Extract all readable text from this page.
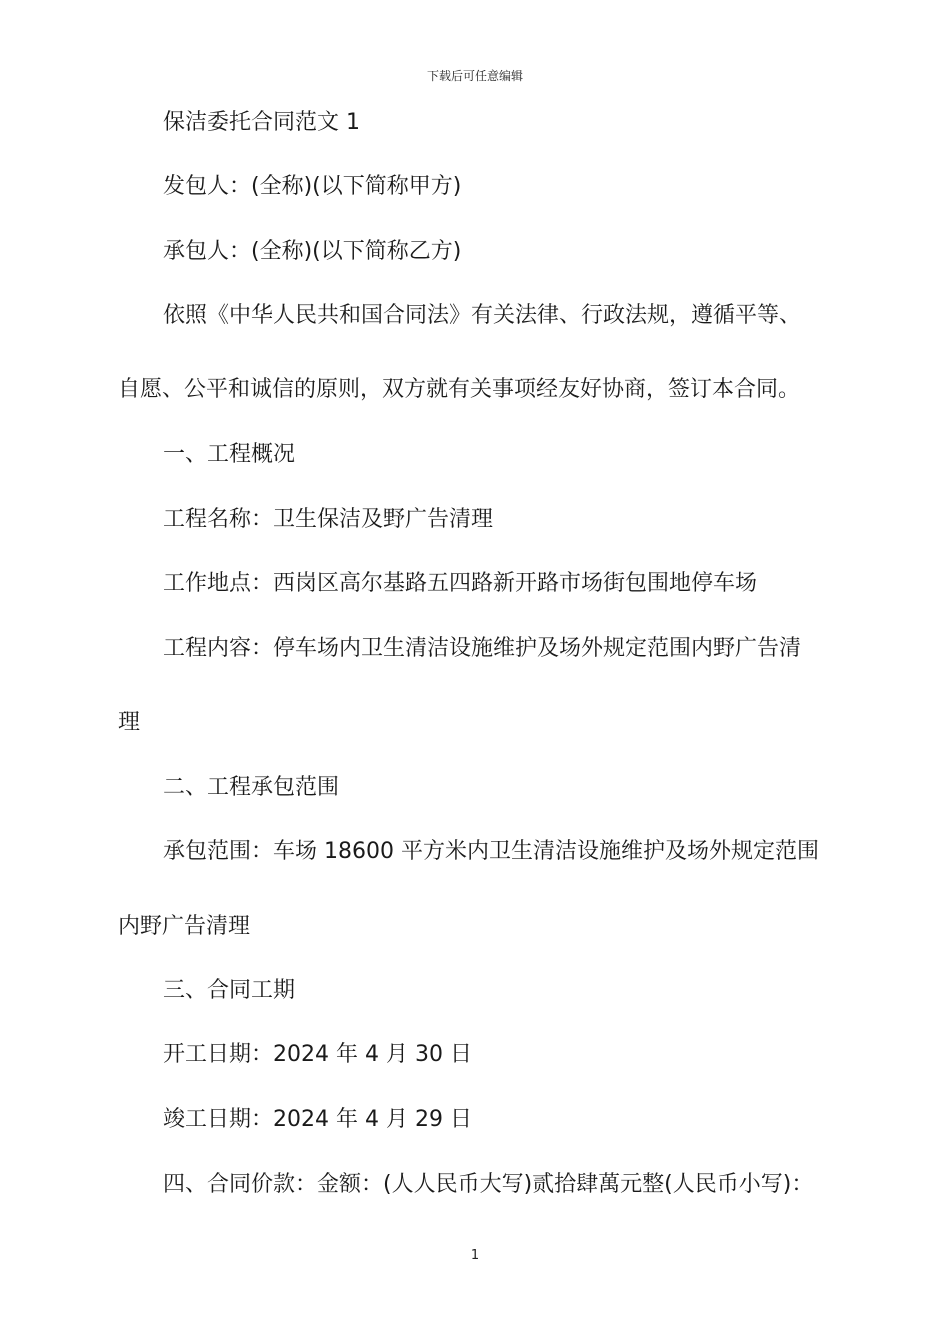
下载后可任意编辑
保洁委托合同范文 1
发包人：(全称)(以下简称甲方)
承包人：(全称)(以下简称乙方)
依照《中华人民共和国合同法》有关法律、行政法规，遵循平等、
自愿、公平和诚信的原则，双方就有关事项经友好协商，签订本合同。
一、工程概况
工程名称：卫生保洁及野广告清理
工作地点：西岗区高尔基路五四路新开路市场街包围地停车场
工程内容：停车场内卫生清洁设施维护及场外规定范围内野广告清
理
二、工程承包范围
承包范围：车场 18600 平方米内卫生清洁设施维护及场外规定范围
内野广告清理
三、合同工期
开工日期：2024 年 4 月 30 日
竣工日期：2024 年 4 月 29 日
四、合同价款：金额：(人人民币大写)贰拾肆萬元整(人民币小写)：
1
